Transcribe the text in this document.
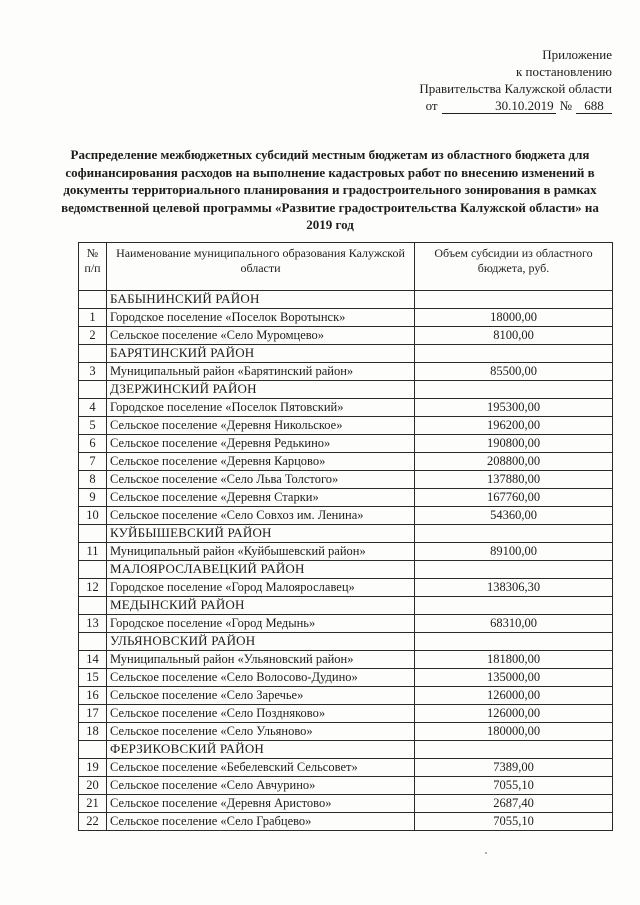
Приложение
к постановлению
Правительства Калужской области
от	30.10.2019 № 688
Распределение межбюджетных субсидий местным бюджетам из областного бюджета для софинансирования расходов на выполнение кадастровых работ по внесению изменений в документы территориального планирования и градостроительного зонирования в рамках ведомственной целевой программы «Развитие градостроительства Калужской области» на 2019 год
№ п/п	Наименование муниципального образования Калужской области	Объем субсидии из областного бюджета, руб.
	БАБЫНИНСКИЙ РАЙОН	
1	Городское поселение «Поселок Воротынск»	18000,00
2	Сельское поселение «Село Муромцево»	8100,00
	БАРЯТИНСКИЙ РАЙОН	
3	Муниципальный район «Барятинский район»	85500,00
	ДЗЕРЖИНСКИЙ РАЙОН	
4	Городское поселение «Поселок Пятовский»	195300,00
5	Сельское поселение «Деревня Никольское»	196200,00
6	Сельское поселение «Деревня Редькино»	190800,00
7	Сельское поселение «Деревня Карцово»	208800,00
8	Сельское поселение «Село Льва Толстого»	137880,00
9	Сельское поселение «Деревня Старки»	167760,00
10	Сельское поселение «Село Совхоз им. Ленина»	54360,00
	КУЙБЫШЕВСКИЙ РАЙОН	
11	Муниципальный район «Куйбышевский район»	89100,00
	МАЛОЯРОСЛАВЕЦКИЙ РАЙОН	
12	Городское поселение «Город Малоярославец»	138306,30
	МЕДЫНСКИЙ РАЙОН	
13	Городское поселение «Город Медынь»	68310,00
	УЛЬЯНОВСКИЙ РАЙОН	
14	Муниципальный район «Ульяновский район»	181800,00
15	Сельское поселение «Село Волосово-Дудино»	135000,00
16	Сельское поселение «Село Заречье»	126000,00
17	Сельское поселение «Село Поздняково»	126000,00
18	Сельское поселение «Село Ульяново»	180000,00
	ФЕРЗИКОВСКИЙ РАЙОН	
19	Сельское поселение «Бебелевский Сельсовет»	7389,00
20	Сельское поселение «Село Авчурино»	7055,10
21	Сельское поселение «Деревня Аристово»	2687,40
22	Сельское поселение «Село Грабцево»	7055,10
